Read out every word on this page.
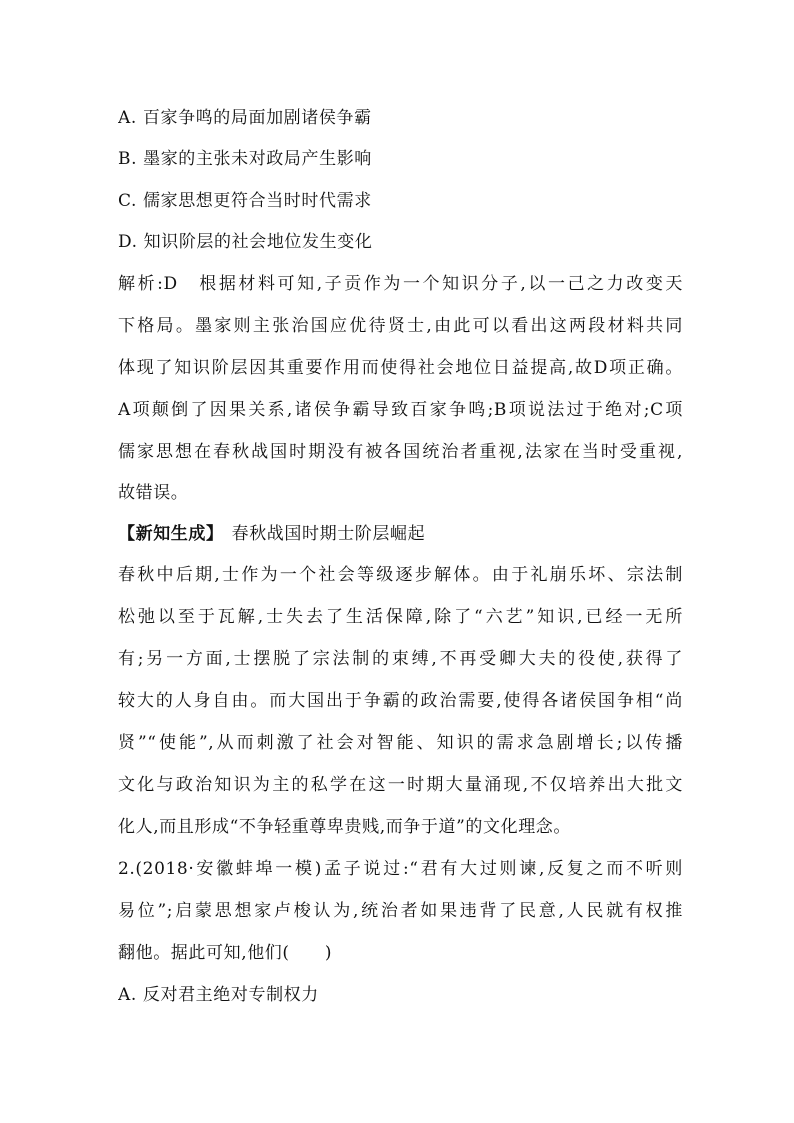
A. 百家争鸣的局面加剧诸侯争霸
B. 墨家的主张未对政局产生影响
C. 儒家思想更符合当时时代需求
D. 知识阶层的社会地位发生变化
解析:D　根据材料可知,子贡作为一个知识分子,以一己之力改变天
下格局。墨家则主张治国应优待贤士,由此可以看出这两段材料共同
体现了知识阶层因其重要作用而使得社会地位日益提高,故D项正确。
A项颠倒了因果关系,诸侯争霸导致百家争鸣;B项说法过于绝对;C项
儒家思想在春秋战国时期没有被各国统治者重视,法家在当时受重视,
故错误。
【新知生成】 春秋战国时期士阶层崛起
春秋中后期,士作为一个社会等级逐步解体。由于礼崩乐坏、宗法制
松弛以至于瓦解,士失去了生活保障,除了“六艺”知识,已经一无所
有;另一方面,士摆脱了宗法制的束缚,不再受卿大夫的役使,获得了
较大的人身自由。而大国出于争霸的政治需要,使得各诸侯国争相“尚
贤”“使能”,从而刺激了社会对智能、知识的需求急剧增长;以传播
文化与政治知识为主的私学在这一时期大量涌现,不仅培养出大批文
化人,而且形成“不争轻重尊卑贵贱,而争于道”的文化理念。
2.(2018·安徽蚌埠一模)孟子说过:“君有大过则谏,反复之而不听则
易位”;启蒙思想家卢梭认为,统治者如果违背了民意,人民就有权推
翻他。据此可知,他们(　　)
A. 反对君主绝对专制权力
